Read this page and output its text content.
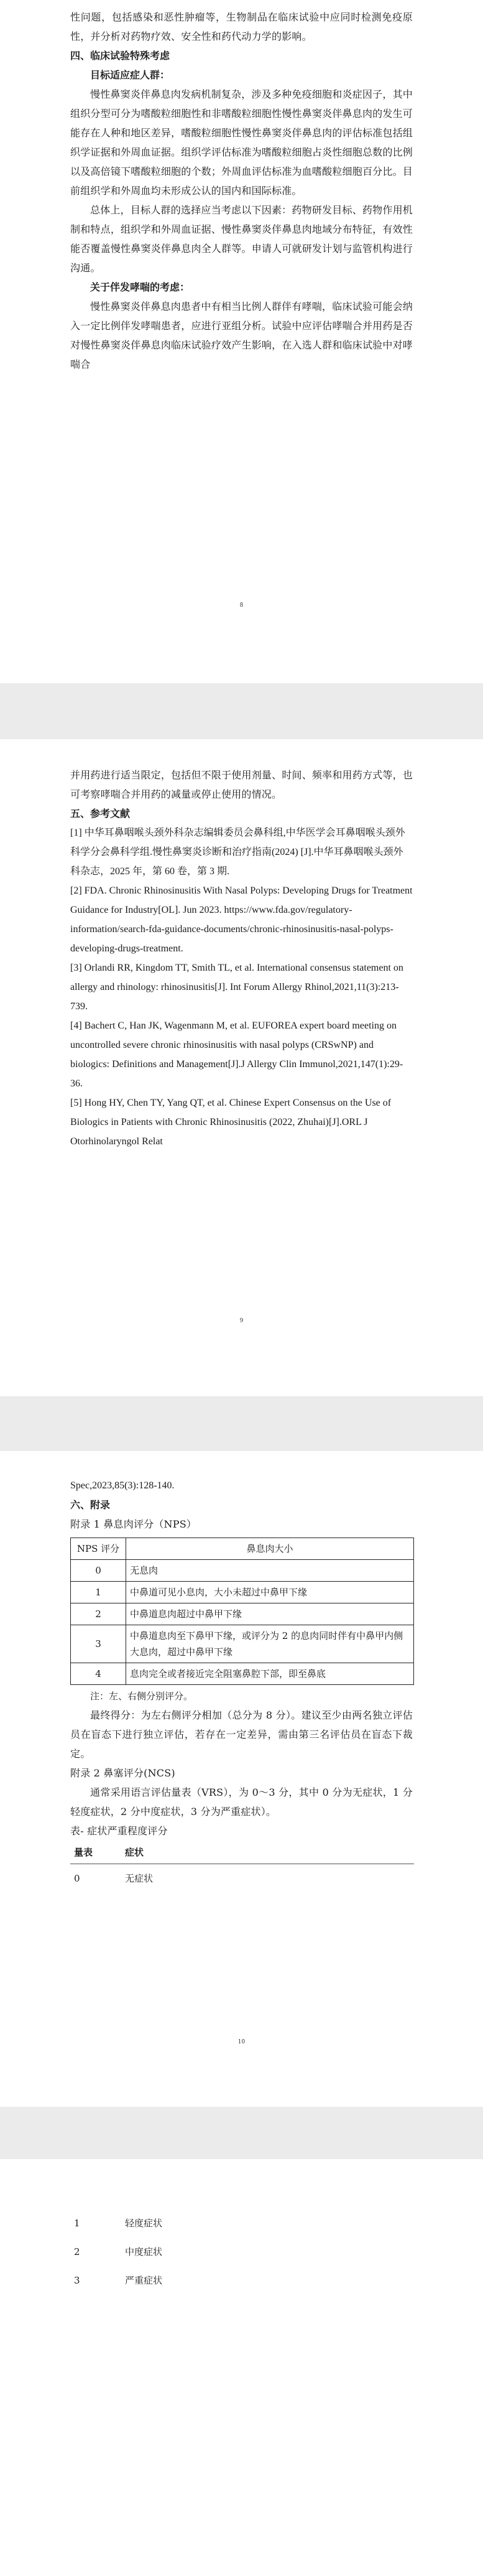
性问题，包括感染和恶性肿瘤等，生物制品在临床试验中应同时检测免疫原性，并分析对药物疗效、安全性和药代动力学的影响。

四、临床试验特殊考虑

目标适应症人群：

慢性鼻窦炎伴鼻息肉发病机制复杂，涉及多种免疫细胞和炎症因子，其中组织分型可分为嗜酸粒细胞性和非嗜酸粒细胞性慢性鼻窦炎伴鼻息肉的发生可能存在人种和地区差异，嗜酸粒细胞性慢性鼻窦炎伴鼻息肉的评估标准包括组织学证据和外周血证据。组织学评估标准为嗜酸粒细胞占炎性细胞总数的比例以及高倍镜下嗜酸粒细胞的个数；外周血评估标准为血嗜酸粒细胞百分比。目前组织学和外周血均未形成公认的国内和国际标准。

总体上，目标人群的选择应当考虑以下因素：药物研发目标、药物作用机制和特点，组织学和外周血证据、慢性鼻窦炎伴鼻息肉地域分布特征，有效性能否覆盖慢性鼻窦炎伴鼻息肉全人群等。申请人可就研发计划与监管机构进行沟通。

关于伴发哮喘的考虑：

慢性鼻窦炎伴鼻息肉患者中有相当比例人群伴有哮喘，临床试验可能会纳入一定比例伴发哮喘患者，应进行亚组分析。试验中应评估哮喘合并用药是否对慢性鼻窦炎伴鼻息肉临床试验疗效产生影响，在入选人群和临床试验中对哮喘合

8

并用药进行适当限定，包括但不限于使用剂量、时间、频率和用药方式等，也可考察哮喘合并用药的减量或停止使用的情况。

五、参考文献

[1] 中华耳鼻咽喉头颈外科杂志编辑委员会鼻科组,中华医学会耳鼻咽喉头颈外科学分会鼻科学组.慢性鼻窦炎诊断和治疗指南(2024) [J].中华耳鼻咽喉头颈外科杂志，2025 年，第 60 卷，第 3 期.

[2] FDA. Chronic Rhinosinusitis With Nasal Polyps: Developing Drugs for Treatment Guidance for Industry[OL]. Jun 2023. https://www.fda.gov/regulatory-information/search-fda-guidance-documents/chronic-rhinosinusitis-nasal-polyps-developing-drugs-treatment.

[3] Orlandi RR, Kingdom TT, Smith TL, et al. International consensus statement on allergy and rhinology: rhinosinusitis[J]. Int Forum Allergy Rhinol,2021,11(3):213-739.

[4] Bachert C, Han JK, Wagenmann M, et al. EUFOREA expert board meeting on uncontrolled severe chronic rhinosinusitis with nasal polyps (CRSwNP) and biologics: Definitions and Management[J].J Allergy Clin Immunol,2021,147(1):29-36.

[5] Hong HY, Chen TY, Yang QT, et al. Chinese Expert Consensus on the Use of Biologics in Patients with Chronic Rhinosinusitis (2022, Zhuhai)[J].ORL J Otorhinolaryngol Relat

9

Spec,2023,85(3):128-140.

六、附录

附录 1 鼻息肉评分（NPS）

NPS 评分	鼻息肉大小
0	无息肉
1	中鼻道可见小息肉，大小未超过中鼻甲下缘
2	中鼻道息肉超过中鼻甲下缘
3	中鼻道息肉至下鼻甲下缘，或评分为 2 的息肉同时伴有中鼻甲内侧大息肉，超过中鼻甲下缘
4	息肉完全或者接近完全阻塞鼻腔下部，即至鼻底

注：左、右侧分别评分。

最终得分：为左右侧评分相加（总分为 8 分）。建议至少由两名独立评估员在盲态下进行独立评估，若存在一定差异，需由第三名评估员在盲态下裁定。

附录 2 鼻塞评分(NCS)

通常采用语言评估量表（VRS），为 0～3 分，其中 0 分为无症状，1 分轻度症状，2 分中度症状，3 分为严重症状）。

表- 症状严重程度评分

量表	症状
0	无症状
10
1	轻度症状
2	中度症状
3	严重症状
